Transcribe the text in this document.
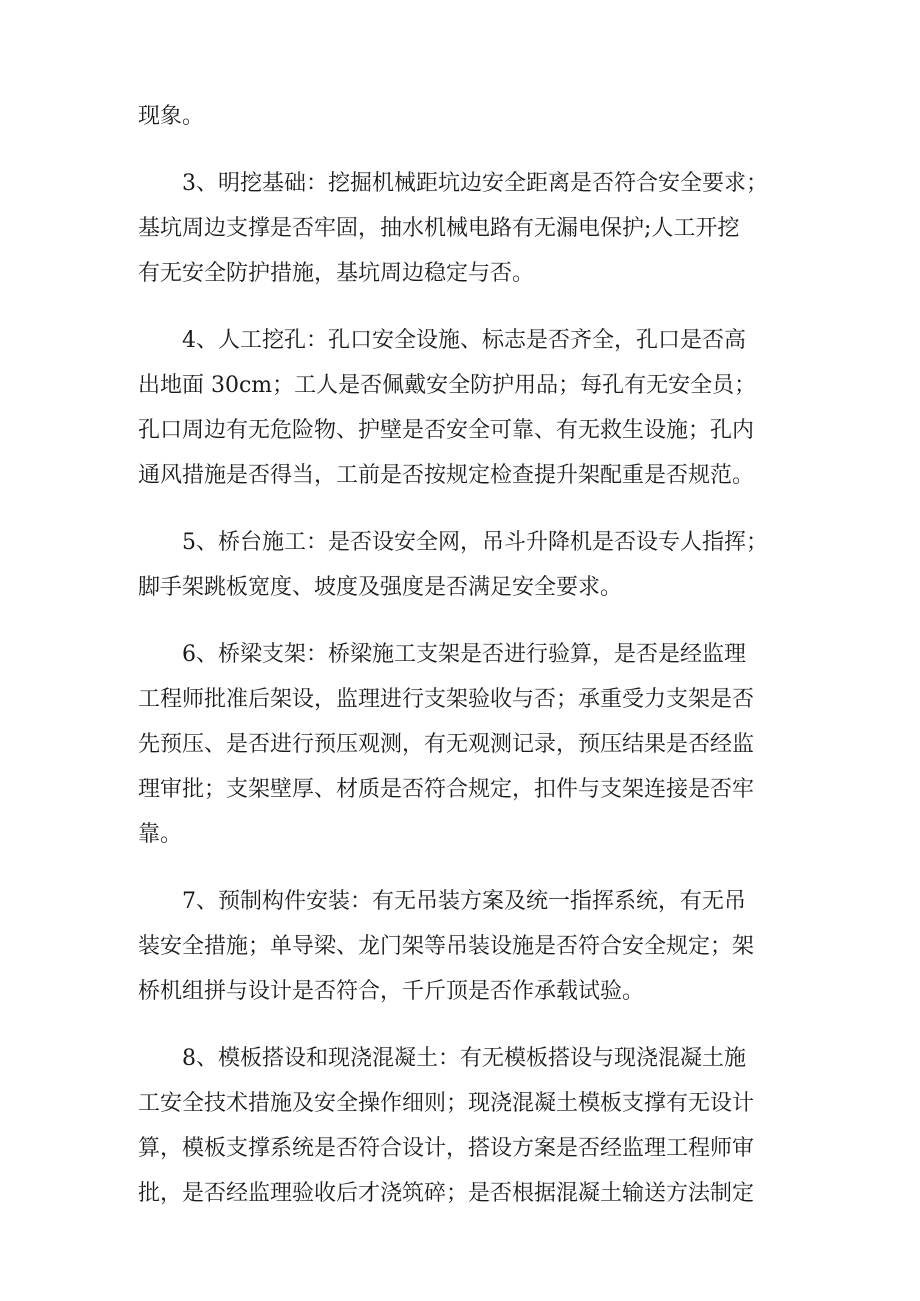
现象。
3、明挖基础：挖掘机械距坑边安全距离是否符合安全要求；
基坑周边支撑是否牢固，抽水机械电路有无漏电保护;人工开挖
有无安全防护措施，基坑周边稳定与否。
4、人工挖孔：孔口安全设施、标志是否齐全，孔口是否高
出地面 30cm；工人是否佩戴安全防护用品；每孔有无安全员；
孔口周边有无危险物、护壁是否安全可靠、有无救生设施；孔内
通风措施是否得当，工前是否按规定检查提升架配重是否规范。
5、桥台施工：是否设安全网，吊斗升降机是否设专人指挥；
脚手架跳板宽度、坡度及强度是否满足安全要求。
6、桥梁支架：桥梁施工支架是否进行验算，是否是经监理
工程师批准后架设，监理进行支架验收与否；承重受力支架是否
先预压、是否进行预压观测，有无观测记录，预压结果是否经监
理审批；支架壁厚、材质是否符合规定，扣件与支架连接是否牢
靠。
7、预制构件安装：有无吊装方案及统一指挥系统，有无吊
装安全措施；单导梁、龙门架等吊装设施是否符合安全规定；架
桥机组拼与设计是否符合，千斤顶是否作承载试验。
8、模板搭设和现浇混凝土：有无模板搭设与现浇混凝土施
工安全技术措施及安全操作细则；现浇混凝土模板支撑有无设计
算，模板支撑系统是否符合设计，搭设方案是否经监理工程师审
批，是否经监理验收后才浇筑碎；是否根据混凝土输送方法制定
